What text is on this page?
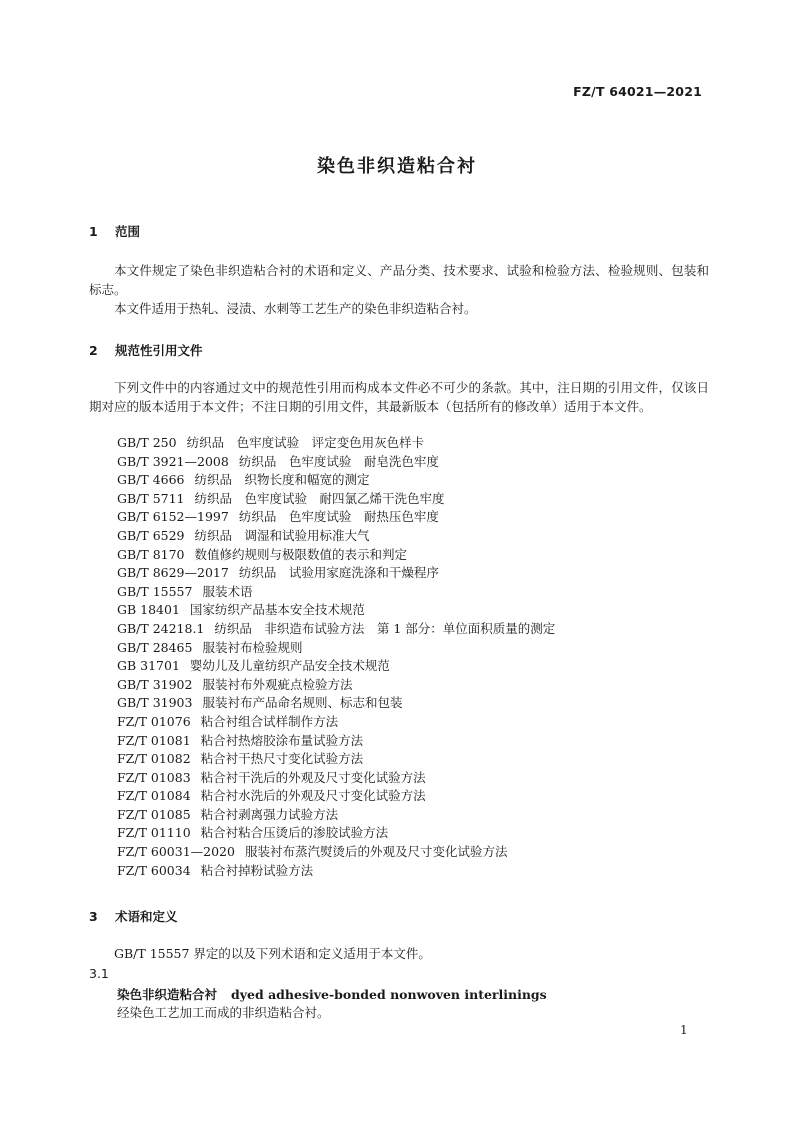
FZ/T 64021—2021
染色非织造粘合衬
1 范围
本文件规定了染色非织造粘合衬的术语和定义、产品分类、技术要求、试验和检验方法、检验规则、包装和标志。
本文件适用于热轧、浸渍、水刺等工艺生产的染色非织造粘合衬。
2 规范性引用文件
下列文件中的内容通过文中的规范性引用而构成本文件必不可少的条款。其中，注日期的引用文件，仅该日期对应的版本适用于本文件；不注日期的引用文件，其最新版本（包括所有的修改单）适用于本文件。
GB/T 250 纺织品　色牢度试验　评定变色用灰色样卡
GB/T 3921—2008 纺织品　色牢度试验　耐皂洗色牢度
GB/T 4666 纺织品　织物长度和幅宽的测定
GB/T 5711 纺织品　色牢度试验　耐四氯乙烯干洗色牢度
GB/T 6152—1997 纺织品　色牢度试验　耐热压色牢度
GB/T 6529 纺织品　调湿和试验用标准大气
GB/T 8170 数值修约规则与极限数值的表示和判定
GB/T 8629—2017 纺织品　试验用家庭洗涤和干燥程序
GB/T 15557 服装术语
GB 18401 国家纺织产品基本安全技术规范
GB/T 24218.1 纺织品　非织造布试验方法　第 1 部分：单位面积质量的测定
GB/T 28465 服装衬布检验规则
GB 31701 婴幼儿及儿童纺织产品安全技术规范
GB/T 31902 服装衬布外观疵点检验方法
GB/T 31903 服装衬布产品命名规则、标志和包装
FZ/T 01076 粘合衬组合试样制作方法
FZ/T 01081 粘合衬热熔胶涂布量试验方法
FZ/T 01082 粘合衬干热尺寸变化试验方法
FZ/T 01083 粘合衬干洗后的外观及尺寸变化试验方法
FZ/T 01084 粘合衬水洗后的外观及尺寸变化试验方法
FZ/T 01085 粘合衬剥离强力试验方法
FZ/T 01110 粘合衬粘合压烫后的渗胶试验方法
FZ/T 60031—2020 服装衬布蒸汽熨烫后的外观及尺寸变化试验方法
FZ/T 60034 粘合衬掉粉试验方法
3 术语和定义
GB/T 15557 界定的以及下列术语和定义适用于本文件。
3.1
染色非织造粘合衬 dyed adhesive-bonded nonwoven interlinings
经染色工艺加工而成的非织造粘合衬。
1
